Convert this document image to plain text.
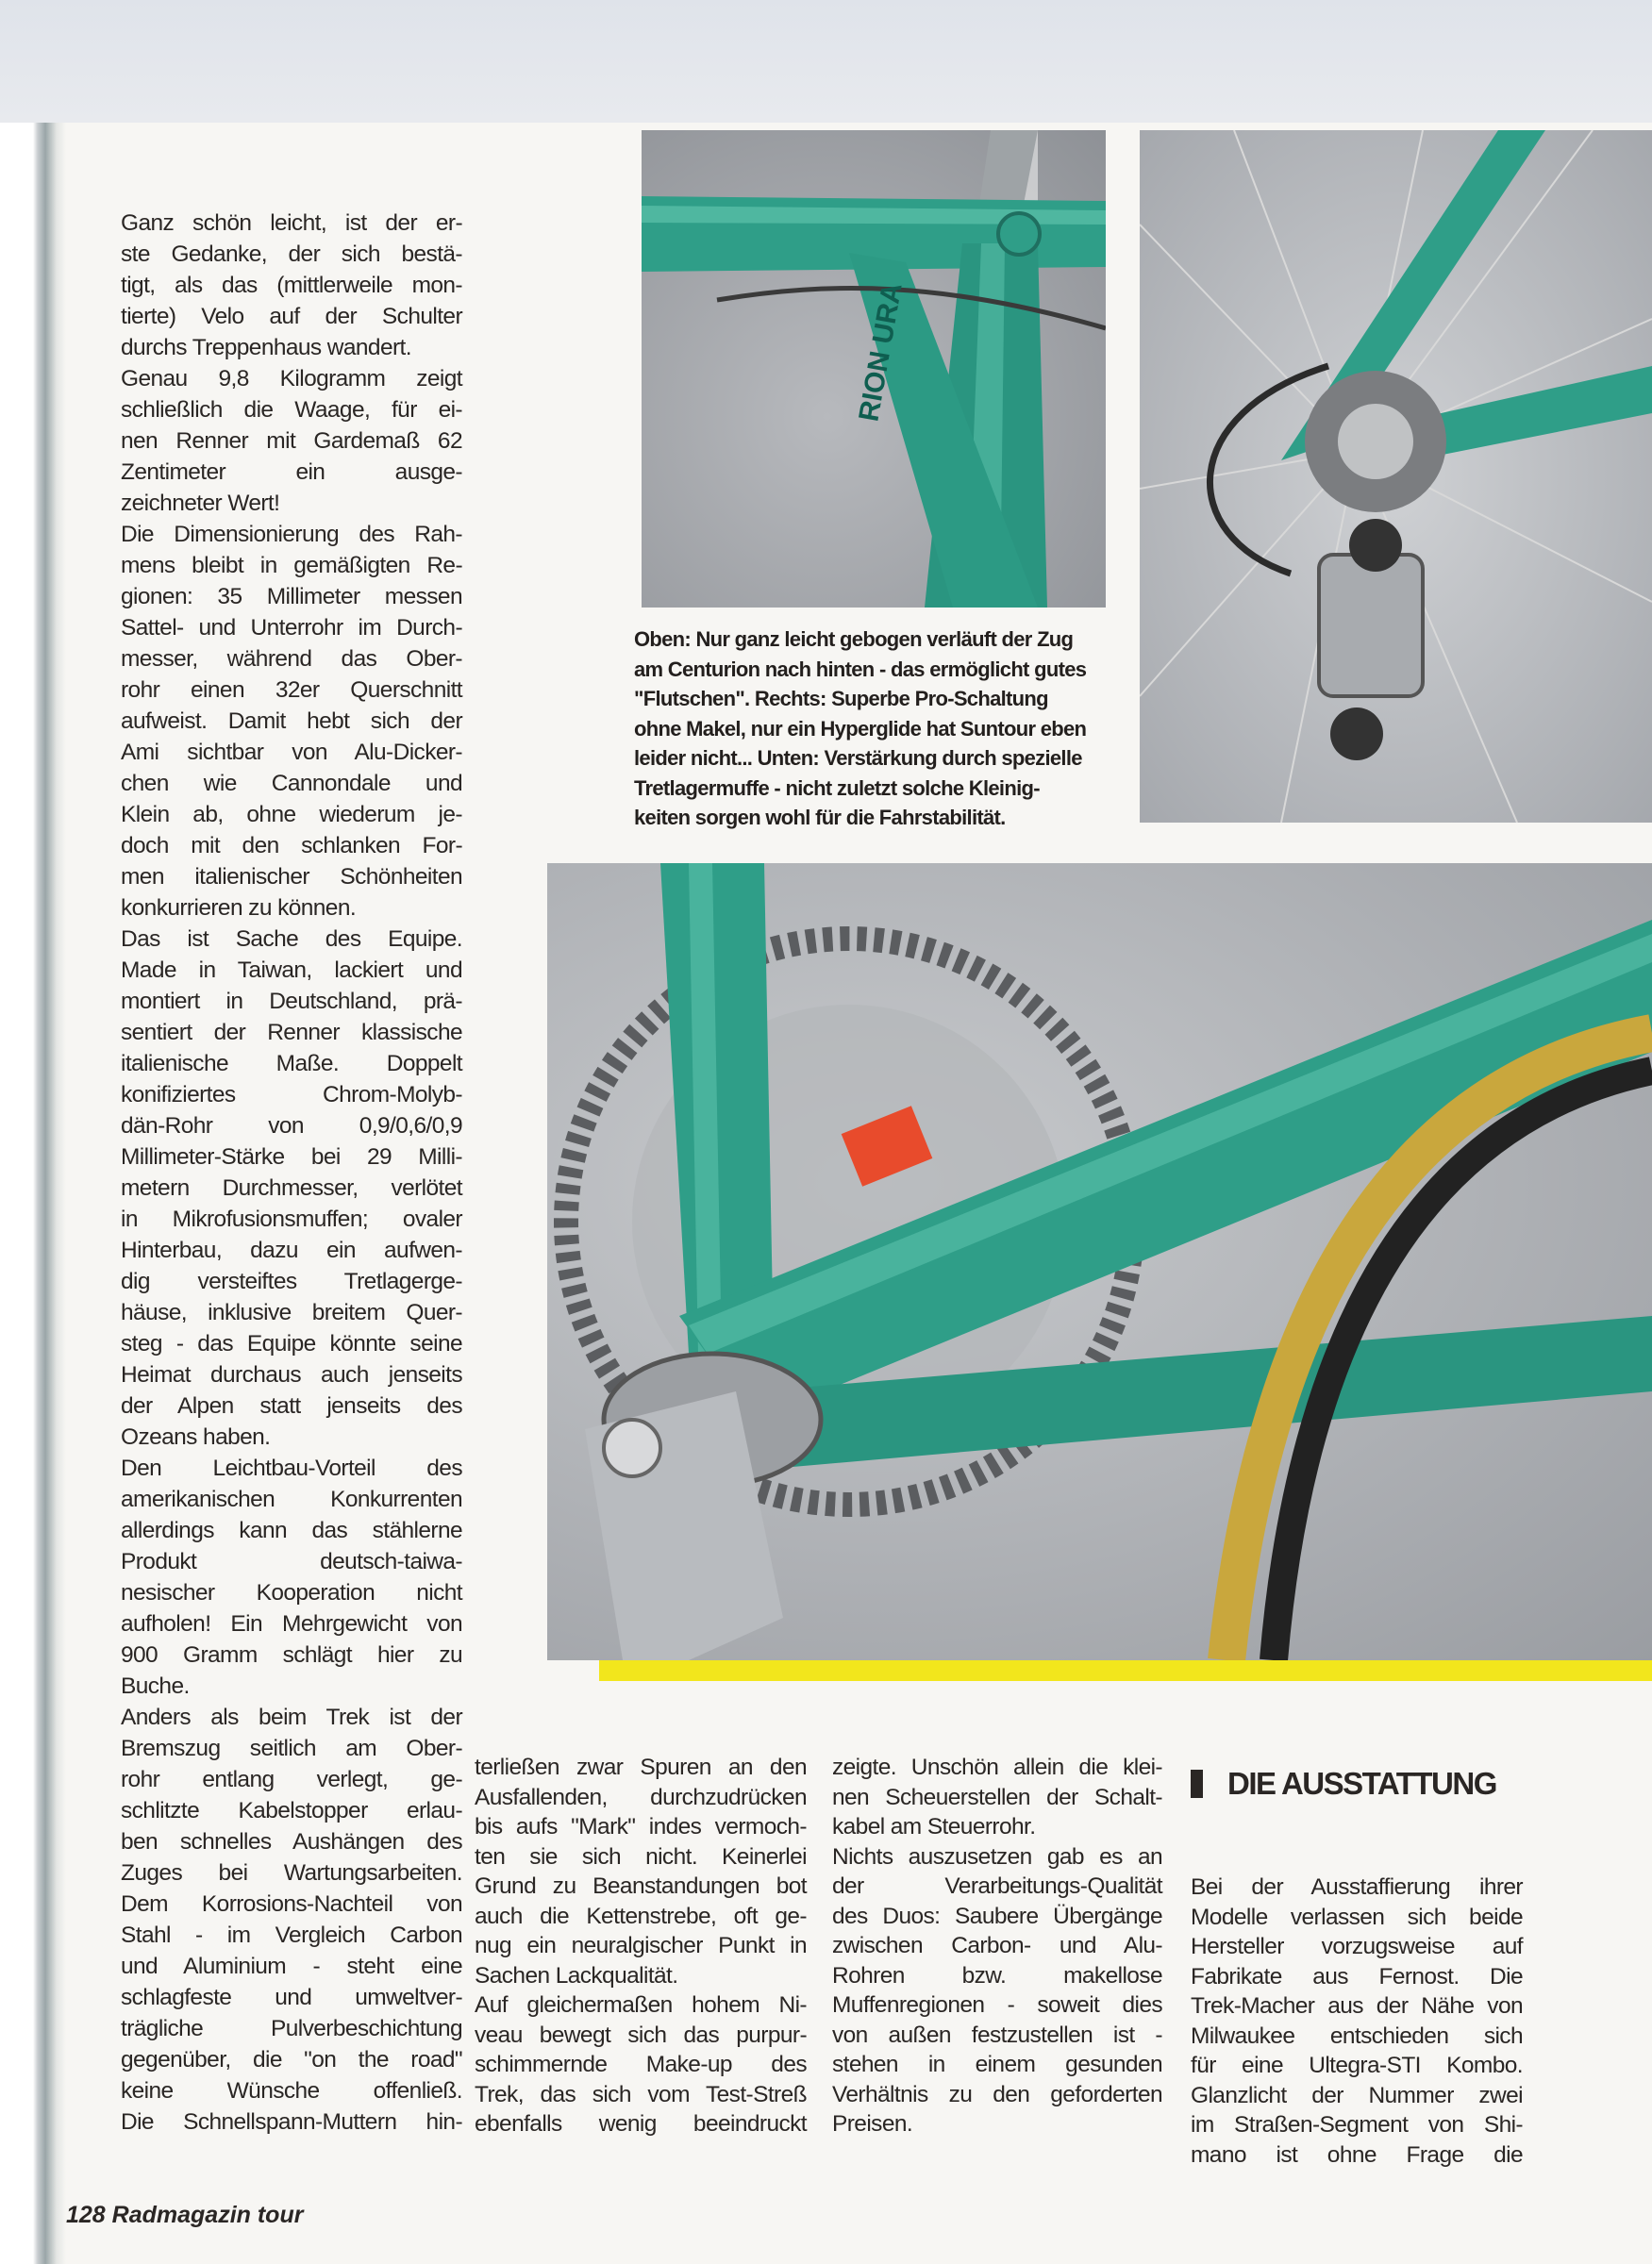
RION URA
Oben: Nur ganz leicht gebogen verläuft der Zug
am Centurion nach hinten - das ermöglicht gutes
"Flutschen". Rechts: Superbe Pro-Schaltung
ohne Makel, nur ein Hyperglide hat Suntour eben
leider nicht... Unten: Verstärkung durch spezielle
Tretlagermuffe - nicht zuletzt solche Kleinig-
keiten sorgen wohl für die Fahrstabilität.
Ganz schön leicht, ist der er-
ste Gedanke, der sich bestä-
tigt, als das (mittlerweile mon-
tierte) Velo auf der Schulter
durchs Treppenhaus wandert.
Genau 9,8 Kilogramm zeigt
schließlich die Waage, für ei-
nen Renner mit Gardemaß 62
Zentimeter ein ausge-
zeichneter Wert!
Die Dimensionierung des Rah-
mens bleibt in gemäßigten Re-
gionen: 35 Millimeter messen
Sattel- und Unterrohr im Durch-
messer, während das Ober-
rohr einen 32er Querschnitt
aufweist. Damit hebt sich der
Ami sichtbar von Alu-Dicker-
chen wie Cannondale und
Klein ab, ohne wiederum je-
doch mit den schlanken For-
men italienischer Schönheiten
konkurrieren zu können.
Das ist Sache des Equipe.
Made in Taiwan, lackiert und
montiert in Deutschland, prä-
sentiert der Renner klassische
italienische Maße. Doppelt
konifiziertes Chrom-Molyb-
dän-Rohr von 0,9/0,6/0,9
Millimeter-Stärke bei 29 Milli-
metern Durchmesser, verlötet
in Mikrofusionsmuffen; ovaler
Hinterbau, dazu ein aufwen-
dig versteiftes Tretlagerge-
häuse, inklusive breitem Quer-
steg - das Equipe könnte seine
Heimat durchaus auch jenseits
der Alpen statt jenseits des
Ozeans haben.
Den Leichtbau-Vorteil des
amerikanischen Konkurrenten
allerdings kann das stählerne
Produkt deutsch-taiwa-
nesischer Kooperation nicht
aufholen! Ein Mehrgewicht von
900 Gramm schlägt hier zu
Buche.
Anders als beim Trek ist der
Bremszug seitlich am Ober-
rohr entlang verlegt, ge-
schlitzte Kabelstopper erlau-
ben schnelles Aushängen des
Zuges bei Wartungsarbeiten.
Dem Korrosions-Nachteil von
Stahl - im Vergleich Carbon
und Aluminium - steht eine
schlagfeste und umweltver-
trägliche Pulverbeschichtung
gegenüber, die "on the road"
keine Wünsche offenließ.
Die Schnellspann-Muttern hin-
terließen zwar Spuren an den
Ausfallenden, durchzudrücken
bis aufs "Mark" indes vermoch-
ten sie sich nicht. Keinerlei
Grund zu Beanstandungen bot
auch die Kettenstrebe, oft ge-
nug ein neuralgischer Punkt in
Sachen Lackqualität.
Auf gleichermaßen hohem Ni-
veau bewegt sich das purpur-
schimmernde Make-up des
Trek, das sich vom Test-Streß
ebenfalls wenig beeindruckt
zeigte. Unschön allein die klei-
nen Scheuerstellen der Schalt-
kabel am Steuerrohr.
Nichts auszusetzen gab es an
der Verarbeitungs-Qualität
des Duos: Saubere Übergänge
zwischen Carbon- und Alu-
Rohren bzw. makellose
Muffenregionen - soweit dies
von außen festzustellen ist -
stehen in einem gesunden
Verhältnis zu den geforderten
Preisen.
DIE AUSSTATTUNG
Bei der Ausstaffierung ihrer
Modelle verlassen sich beide
Hersteller vorzugsweise auf
Fabrikate aus Fernost. Die
Trek-Macher aus der Nähe von
Milwaukee entschieden sich
für eine Ultegra-STI Kombo.
Glanzlicht der Nummer zwei
im Straßen-Segment von Shi-
mano ist ohne Frage die
128 Radmagazin tour
